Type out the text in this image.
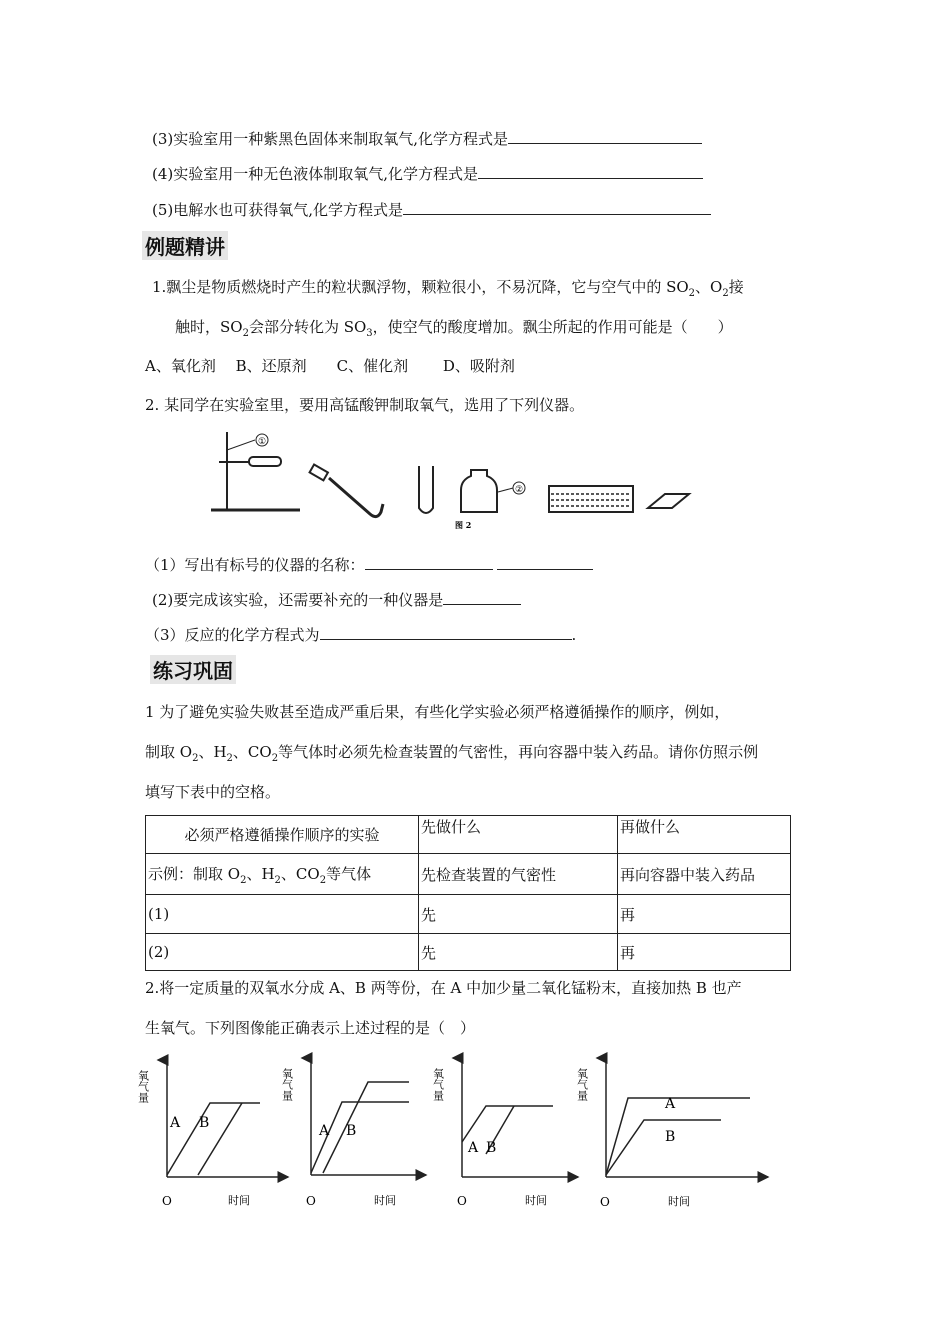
(3)实验室用一种紫黑色固体来制取氧气,化学方程式是
(4)实验室用一种无色液体制取氧气,化学方程式是
(5)电解水也可获得氧气,化学方程式是
例题精讲
1.飘尘是物质燃烧时产生的粒状飘浮物，颗粒很小，不易沉降，它与空气中的 $SO_2$、$O_2$接
触时，$SO_2$会部分转化为 $SO_3$，使空气的酸度增加。飘尘所起的作用可能是（　　）
A、氧化剂　 B、还原剂　　C、催化剂　　 D、吸附剂
2. 某同学在实验室里，要用高锰酸钾制取氧气，选用了下列仪器。
①
②
图 2
（1）写出有标号的仪器的名称：
(2)要完成该实验，还需要补充的一种仪器是
（3）反应的化学方程式为	.
练习巩固
1 为了避免实验失败甚至造成严重后果，有些化学实验必须严格遵循操作的顺序，例如，
制取 $O_2$、$H_2$、$CO_2$等气体时必须先检查装置的气密性，再向容器中装入药品。请你仿照示例
填写下表中的空格。
必须严格遵循操作顺序的实验	先做什么	再做什么
示例：制取 $O_2$、$H_2$、$CO_2$等气体	先检查装置的气密性	再向容器中装入药品
(1)	先	再
(2)	先	再
2.将一定质量的双氧水分成 A、B 两等份，在 A 中加少量二氧化锰粉末，直接加热 B 也产
生氧气。下列图像能正确表示上述过程的是（　）
氧气量
A B
O	时间
氧气量
A B
O	时间
氧气量
A B
O	时间
氧气量
A
B
O	时间
